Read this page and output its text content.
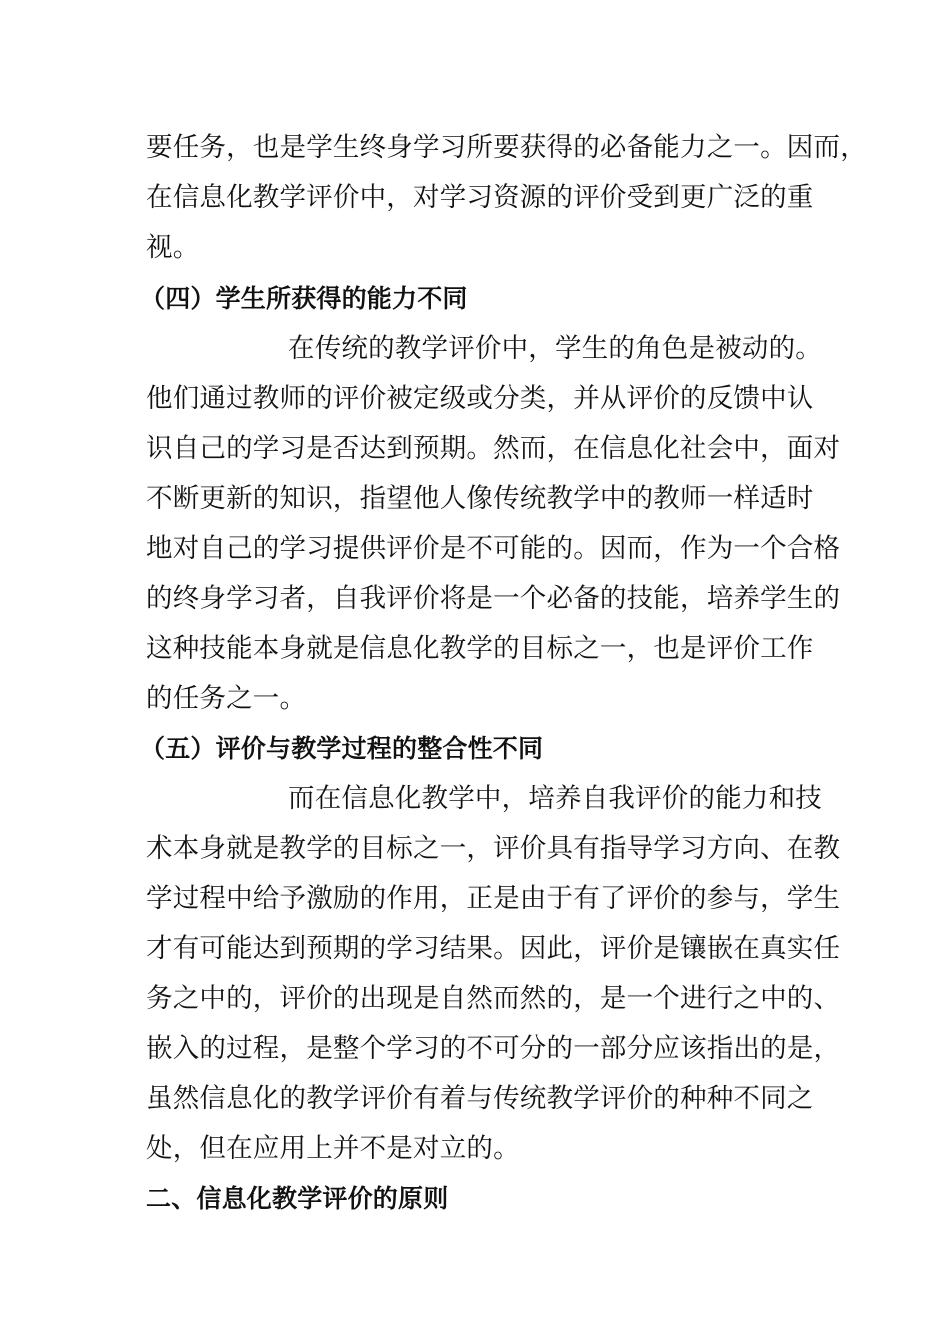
要任务，也是学生终身学习所要获得的必备能力之一。因而，
在信息化教学评价中，对学习资源的评价受到更广泛的重
视。
（四）学生所获得的能力不同
在传统的教学评价中，学生的角色是被动的。
他们通过教师的评价被定级或分类，并从评价的反馈中认
识自己的学习是否达到预期。然而，在信息化社会中，面对
不断更新的知识，指望他人像传统教学中的教师一样适时
地对自己的学习提供评价是不可能的。因而，作为一个合格
的终身学习者，自我评价将是一个必备的技能，培养学生的
这种技能本身就是信息化教学的目标之一，也是评价工作
的任务之一。
（五）评价与教学过程的整合性不同
而在信息化教学中，培养自我评价的能力和技
术本身就是教学的目标之一，评价具有指导学习方向、在教
学过程中给予激励的作用，正是由于有了评价的参与，学生
才有可能达到预期的学习结果。因此，评价是镶嵌在真实任
务之中的，评价的出现是自然而然的，是一个进行之中的、
嵌入的过程，是整个学习的不可分的一部分应该指出的是，
虽然信息化的教学评价有着与传统教学评价的种种不同之
处，但在应用上并不是对立的。
二、信息化教学评价的原则
